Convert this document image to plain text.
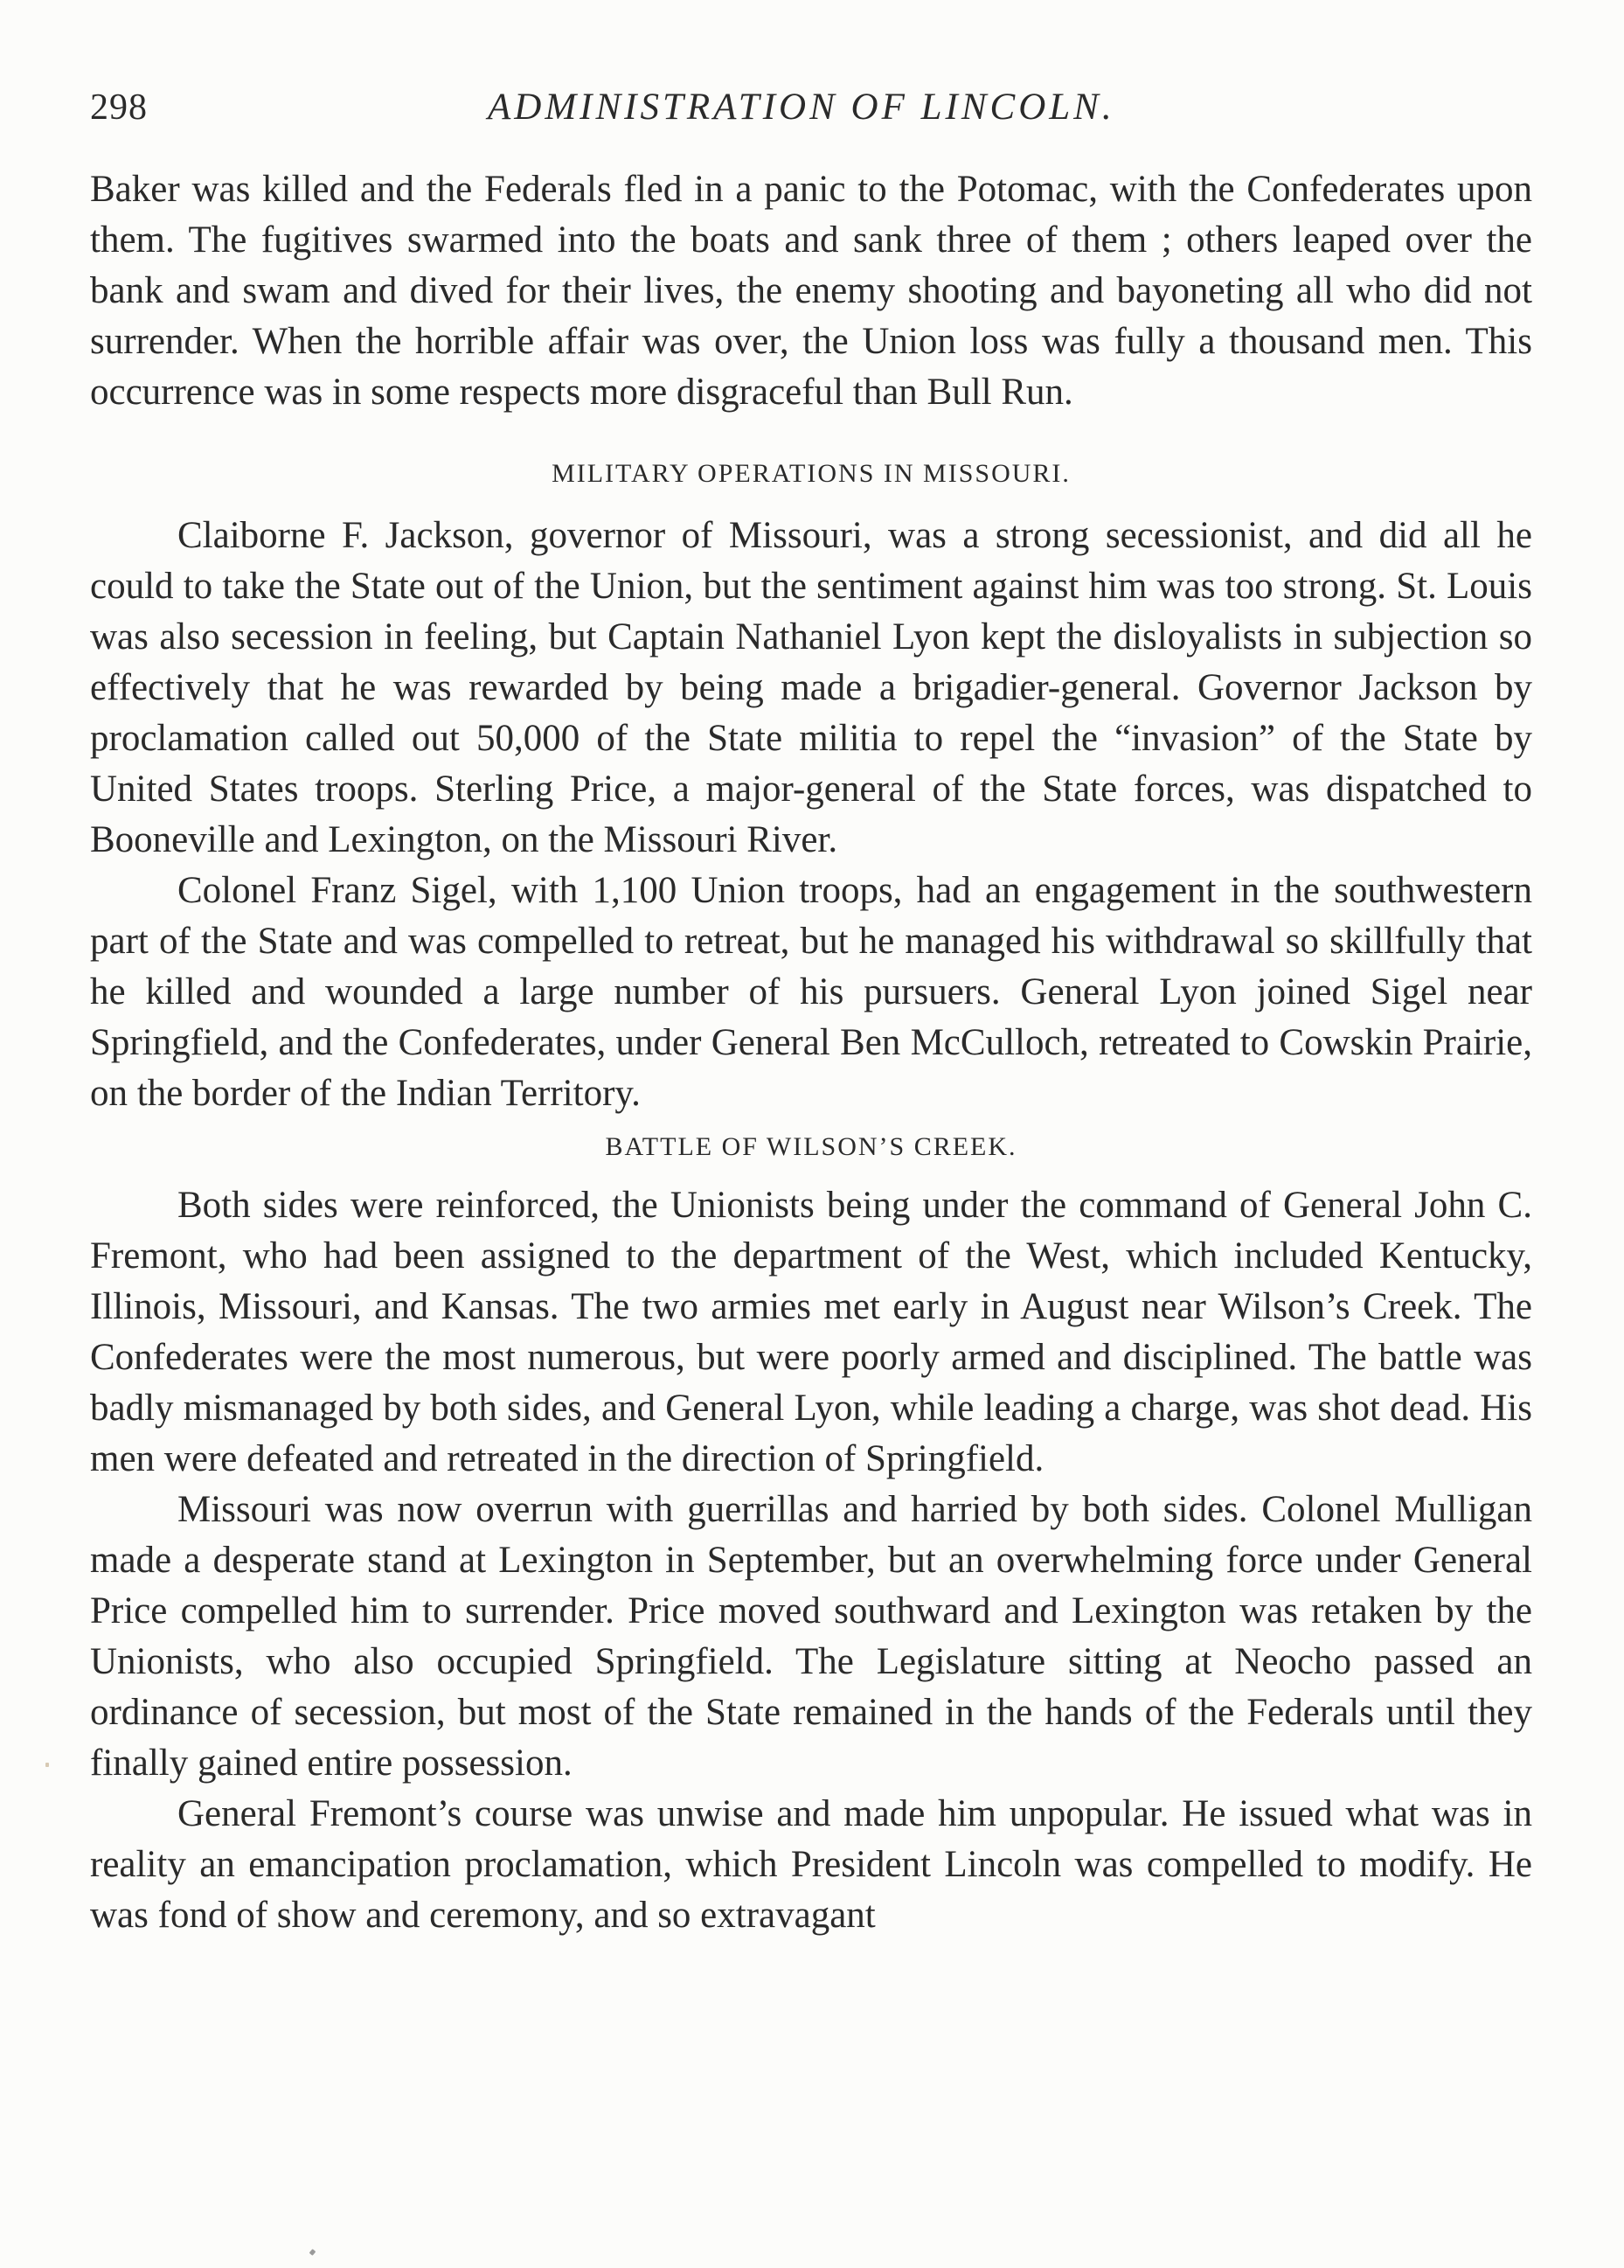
298	ADMINISTRATION OF LINCOLN.

Baker was killed and the Federals fled in a panic to the Potomac, with the Confederates upon them. The fugitives swarmed into the boats and sank three of them ; others leaped over the bank and swam and dived for their lives, the enemy shooting and bayoneting all who did not surrender. When the horrible affair was over, the Union loss was fully a thousand men. This occurrence was in some respects more disgraceful than Bull Run.

MILITARY OPERATIONS IN MISSOURI.

Claiborne F. Jackson, governor of Missouri, was a strong secessionist, and did all he could to take the State out of the Union, but the sentiment against him was too strong. St. Louis was also secession in feeling, but Captain Nathaniel Lyon kept the disloyalists in subjection so effectively that he was rewarded by being made a brigadier-general. Governor Jackson by proclamation called out 50,000 of the State militia to repel the “invasion” of the State by United States troops. Sterling Price, a major-general of the State forces, was dispatched to Booneville and Lexington, on the Missouri River.

Colonel Franz Sigel, with 1,100 Union troops, had an engagement in the southwestern part of the State and was compelled to retreat, but he managed his withdrawal so skillfully that he killed and wounded a large number of his pursuers. General Lyon joined Sigel near Springfield, and the Confederates, under General Ben McCulloch, retreated to Cowskin Prairie, on the border of the Indian Territory.

BATTLE OF WILSON’S CREEK.

Both sides were reinforced, the Unionists being under the command of General John C. Fremont, who had been assigned to the department of the West, which included Kentucky, Illinois, Missouri, and Kansas. The two armies met early in August near Wilson’s Creek. The Confederates were the most numerous, but were poorly armed and disciplined. The battle was badly mismanaged by both sides, and General Lyon, while leading a charge, was shot dead. His men were defeated and retreated in the direction of Springfield.

Missouri was now overrun with guerrillas and harried by both sides. Colonel Mulligan made a desperate stand at Lexington in September, but an overwhelming force under General Price compelled him to surrender. Price moved southward and Lexington was retaken by the Unionists, who also occupied Springfield. The Legislature sitting at Neocho passed an ordinance of secession, but most of the State remained in the hands of the Federals until they finally gained entire possession.

General Fremont’s course was unwise and made him unpopular. He issued what was in reality an emancipation proclamation, which President Lincoln was compelled to modify. He was fond of show and ceremony, and so extravagant
